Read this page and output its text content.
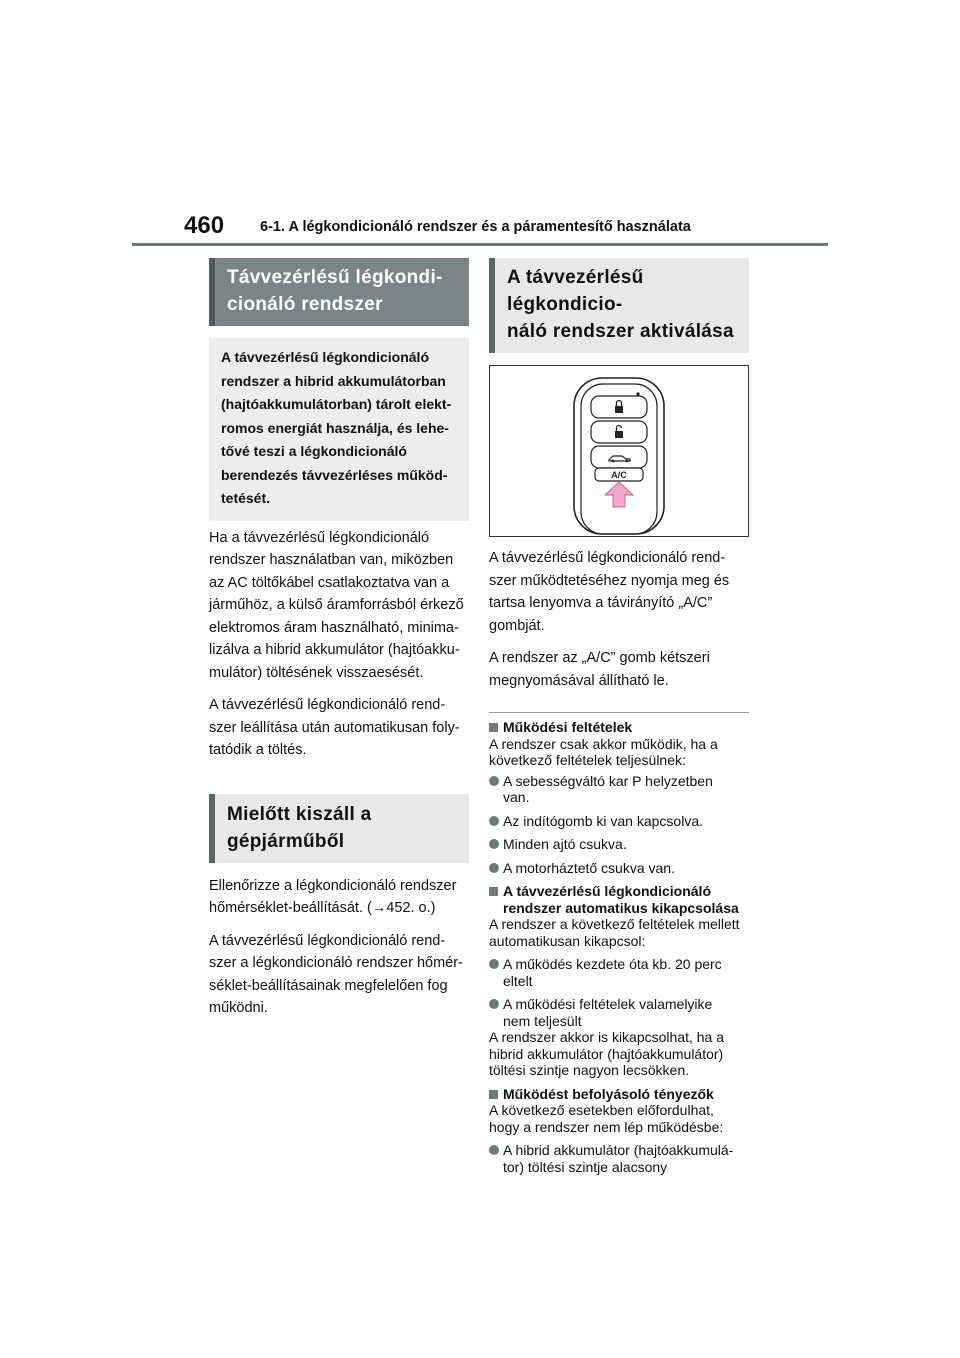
460 6-1. A légkondicionáló rendszer és a páramentesítő használata
Távvezérlésű légkondi-
cionáló rendszer
A távvezérlésű légkondicionáló
rendszer a hibrid akkumulátorban
(hajtóakkumulátorban) tárolt elekt-
romos energiát használja, és lehe-
tővé teszi a légkondicionáló
berendezés távvezérléses működ-
tetését.

Ha a távvezérlésű légkondicionáló
rendszer használatban van, miközben
az AC töltőkábel csatlakoztatva van a
járműhöz, a külső áramforrásból érkező
elektromos áram használható, minima-
lizálva a hibrid akkumulátor (hajtóakku-
mulátor) töltésének visszaesését.

A távvezérlésű légkondicionáló rend-
szer leállítása után automatikusan foly-
tatódik a töltés.

Mielőtt kiszáll a gépjárműből

Ellenőrizze a légkondicionáló rendszer
hőmérséklet-beállítását. (→452. o.)

A távvezérlésű légkondicionáló rend-
szer a légkondicionáló rendszer hőmér-
séklet-beállításainak megfelelően fog
működni.

A távvezérlésű légkondicio-
náló rendszer aktiválása
A/C

A távvezérlésű légkondicionáló rend-
szer működtetéséhez nyomja meg és
tartsa lenyomva a távirányító „A/C”
gombját.

A rendszer az „A/C” gomb kétszeri
megnyomásával állítható le.

Működési feltételek

A rendszer csak akkor működik, ha a
következő feltételek teljesülnek:

A sebességváltó kar P helyzetben
van.
Az indítógomb ki van kapcsolva.
Minden ajtó csukva.
A motorháztető csukva van.
A távvezérlésű légkondicionáló
rendszer automatikus kikapcsolása

A rendszer a következő feltételek mellett
automatikusan kikapcsol:

A működés kezdete óta kb. 20 perc
eltelt
A működési feltételek valamelyike
nem teljesült

A rendszer akkor is kikapcsolhat, ha a
hibrid akkumulátor (hajtóakkumulátor)
töltési szintje nagyon lecsökken.

Működést befolyásoló tényezők

A következő esetekben előfordulhat,
hogy a rendszer nem lép működésbe:

A hibrid akkumulátor (hajtóakkumulá-
tor) töltési szintje alacsony
